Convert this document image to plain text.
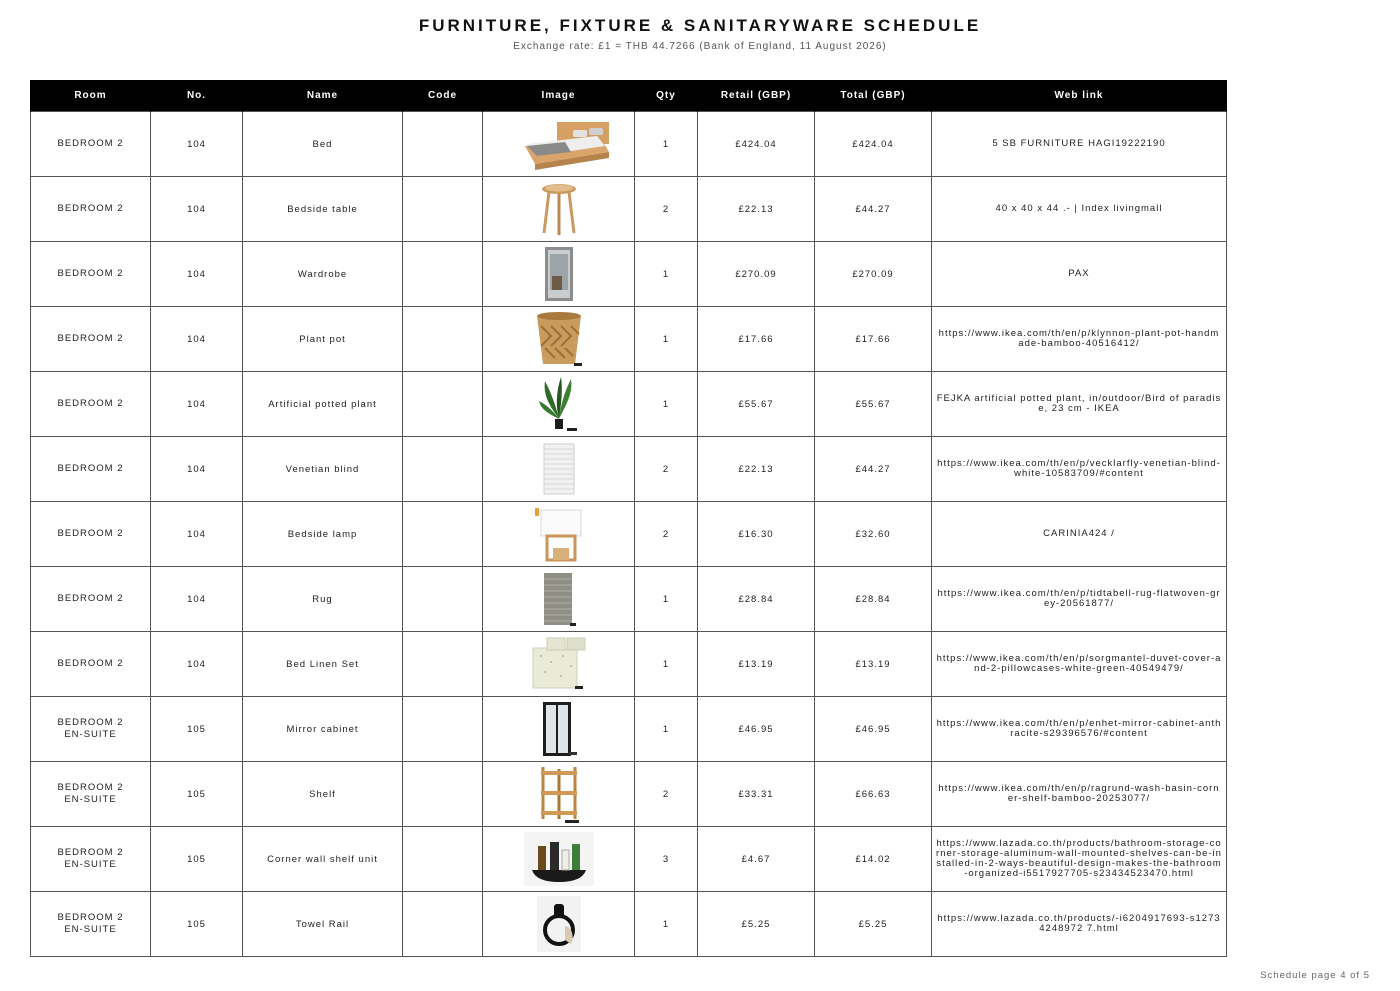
FURNITURE, FIXTURE & SANITARYWARE SCHEDULE
Exchange rate: £1 = THB 44.7266 (Bank of England, 11 August 2026)
Room	No.	Name	Code	Image	Qty	Retail (GBP)	Total (GBP)	Web link
BEDROOM 2	104	Bed			1	£424.04	£424.04	5 SB FURNITURE HAGI19222190
BEDROOM 2	104	Bedside table			2	£22.13	£44.27	40 x 40 x 44 .- | Index livingmall
BEDROOM 2	104	Wardrobe			1	£270.09	£270.09	PAX
BEDROOM 2	104	Plant pot			1	£17.66	£17.66	https://www.ikea.com/th/en/p/klynnon-plant-pot-handmade-bamboo-40516412/
BEDROOM 2	104	Artificial potted plant			1	£55.67	£55.67	FEJKA artificial potted plant, in/outdoor/Bird of paradise, 23 cm - IKEA
BEDROOM 2	104	Venetian blind			2	£22.13	£44.27	https://www.ikea.com/th/en/p/vecklarfly-venetian-blind-white-10583709/#content
BEDROOM 2	104	Bedside lamp			2	£16.30	£32.60	CARINIA424 /
BEDROOM 2	104	Rug			1	£28.84	£28.84	https://www.ikea.com/th/en/p/tidtabell-rug-flatwoven-grey-20561877/
BEDROOM 2	104	Bed Linen Set			1	£13.19	£13.19	https://www.ikea.com/th/en/p/sorgmantel-duvet-cover-and-2-pillowcases-white-green-40549479/
BEDROOM 2
EN-SUITE	105	Mirror cabinet			1	£46.95	£46.95	https://www.ikea.com/th/en/p/enhet-mirror-cabinet-anthracite-s29396576/#content
BEDROOM 2
EN-SUITE	105	Shelf			2	£33.31	£66.63	https://www.ikea.com/th/en/p/ragrund-wash-basin-corner-shelf-bamboo-20253077/
BEDROOM 2
EN-SUITE	105	Corner wall shelf unit			3	£4.67	£14.02	https://www.lazada.co.th/products/bathroom-storage-corner-storage-aluminum-wall-mounted-shelves-can-be-installed-in-2-ways-beautiful-design-makes-the-bathroom-organized-i5517927705-s23434523470.html
BEDROOM 2
EN-SUITE	105	Towel Rail			1	£5.25	£5.25	https://www.lazada.co.th/products/-i6204917693-s12734248972 7.html
Schedule page 4 of 5
